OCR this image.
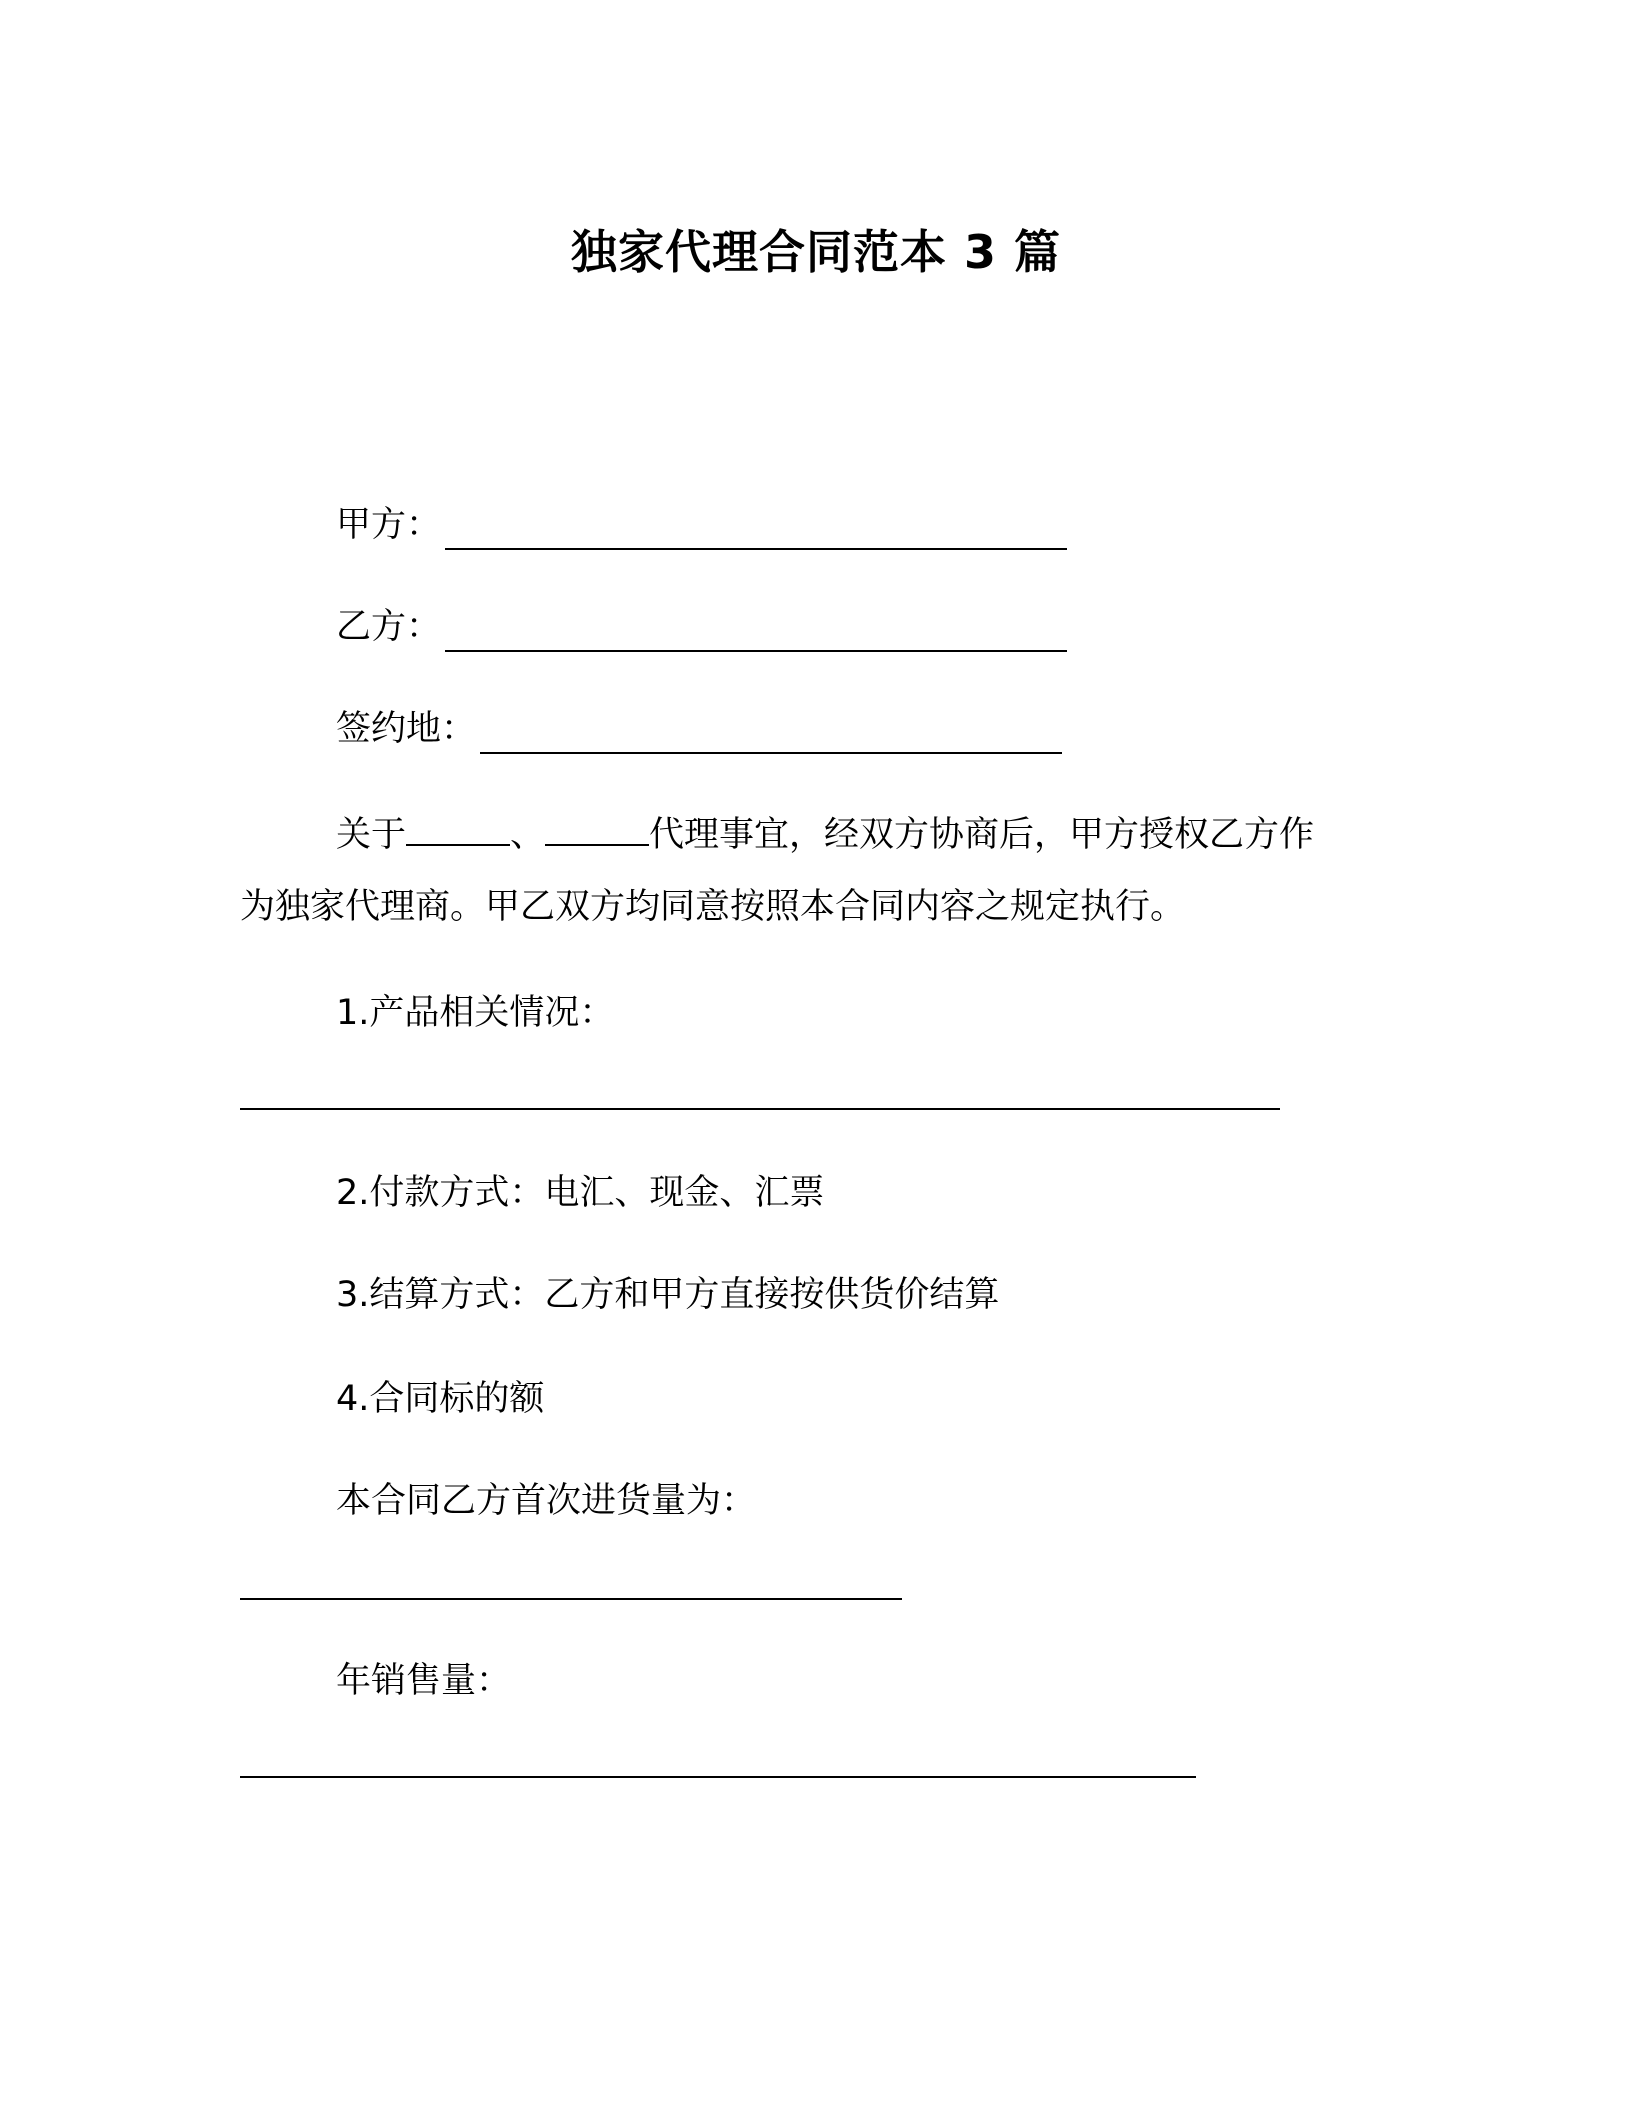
独家代理合同范本 3 篇
甲方：
乙方：
签约地：
关于	、	代理事宜，经双方协商后，甲方授权乙方作
为独家代理商。甲乙双方均同意按照本合同内容之规定执行。
1.产品相关情况：
2.付款方式：电汇、现金、汇票
3.结算方式：乙方和甲方直接按供货价结算
4.合同标的额
本合同乙方首次进货量为：
年销售量：
